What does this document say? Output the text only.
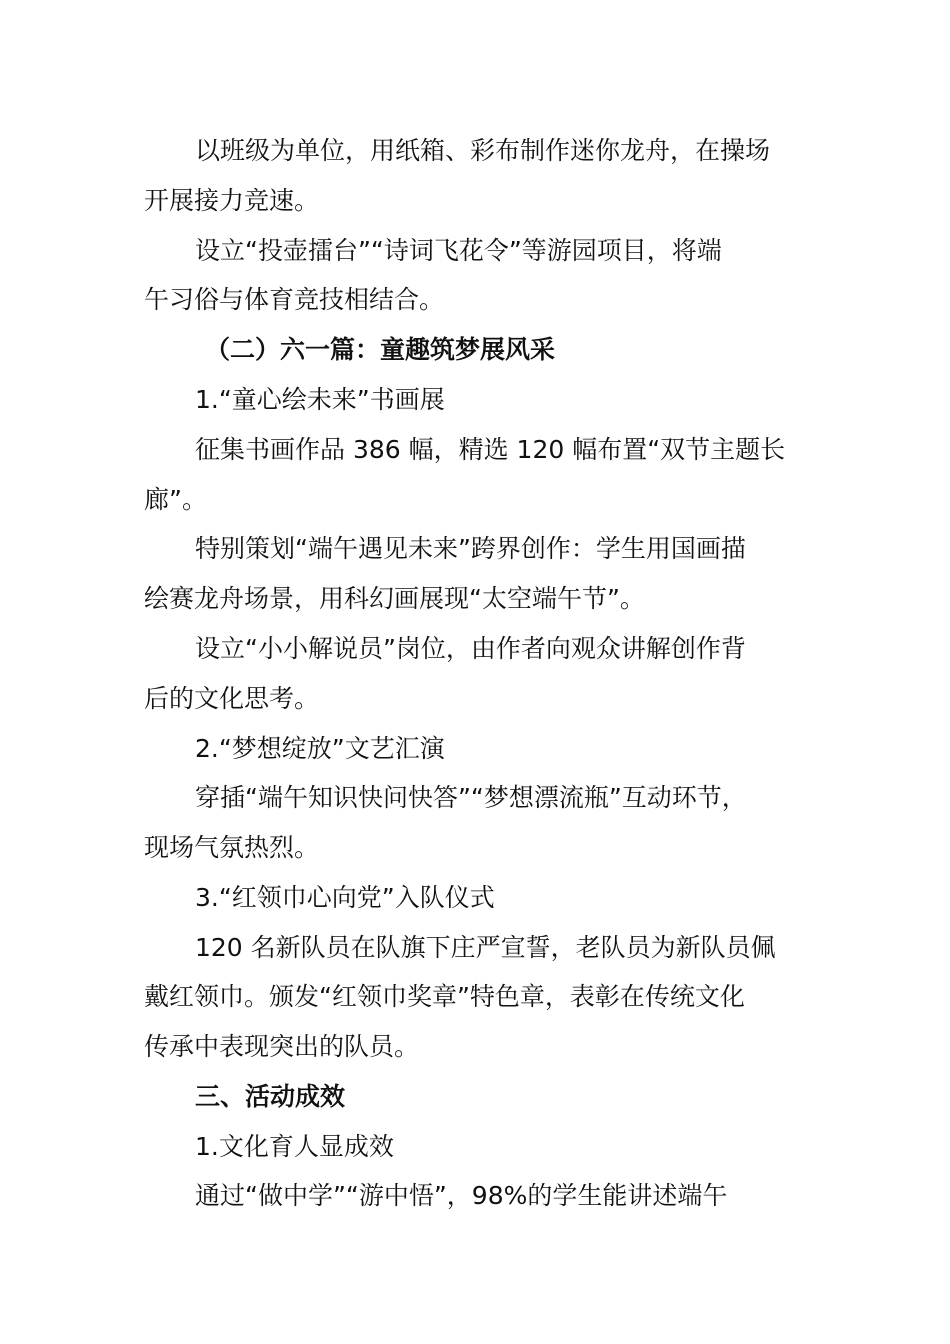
以班级为单位，用纸箱、彩布制作迷你龙舟，在操场
开展接力竞速。
设立“投壶擂台”“诗词飞花令”等游园项目，将端
午习俗与体育竞技相结合。
（二）六一篇：童趣筑梦展风采
1.“童心绘未来”书画展
征集书画作品 386 幅，精选 120 幅布置“双节主题长
廊”。
特别策划“端午遇见未来”跨界创作：学生用国画描
绘赛龙舟场景，用科幻画展现“太空端午节”。
设立“小小解说员”岗位，由作者向观众讲解创作背
后的文化思考。
2.“梦想绽放”文艺汇演
穿插“端午知识快问快答”“梦想漂流瓶”互动环节，
现场气氛热烈。
3.“红领巾心向党”入队仪式
120 名新队员在队旗下庄严宣誓，老队员为新队员佩
戴红领巾。颁发“红领巾奖章”特色章，表彰在传统文化
传承中表现突出的队员。
三、活动成效
1.文化育人显成效
通过“做中学”“游中悟”，98%的学生能讲述端午
